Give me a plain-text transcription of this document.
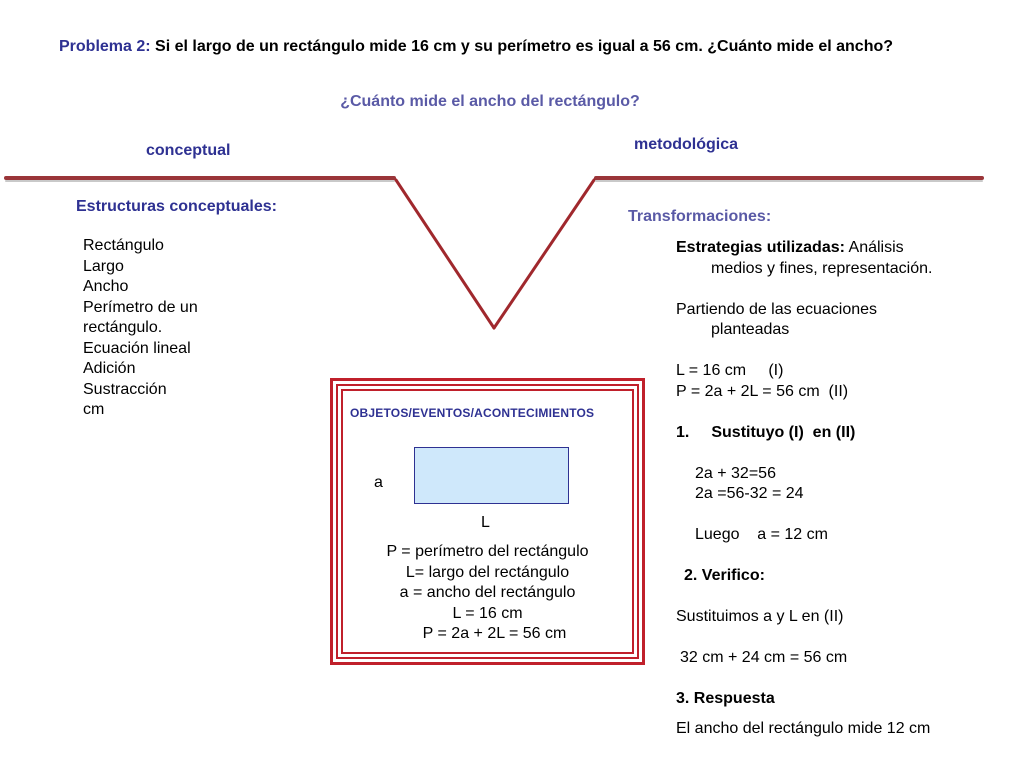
Problema 2: Si el largo de un rectángulo mide 16 cm y su perímetro es igual a 56 cm. ¿Cuánto mide el ancho?
¿Cuánto mide el ancho del rectángulo?
conceptual	metodológica
Estructuras conceptuales:
Rectángulo
Largo
Ancho
Perímetro de un rectángulo.
Ecuación lineal
Adición
Sustracción
cm
Transformaciones:

Estrategias utilizadas: Análisis

medios y fines, representación.

Partiendo de las ecuaciones

planteadas

L = 16 cm     (I)

P = 2a + 2L = 56 cm  (II)

1. Sustituyo (I)  en (II)

2a + 32=56

2a =56-32 = 24

Luego    a = 12 cm

2. Verifico:

Sustituimos a y L en (II)

32 cm + 24 cm = 56 cm

3. Respuesta

El ancho del rectángulo mide 12 cm

OBJETOS/EVENTOS/ACONTECIMIENTOS
a
L
P = perímetro del rectángulo
L= largo del rectángulo
a = ancho del rectángulo
L = 16 cm
P = 2a + 2L = 56 cm
